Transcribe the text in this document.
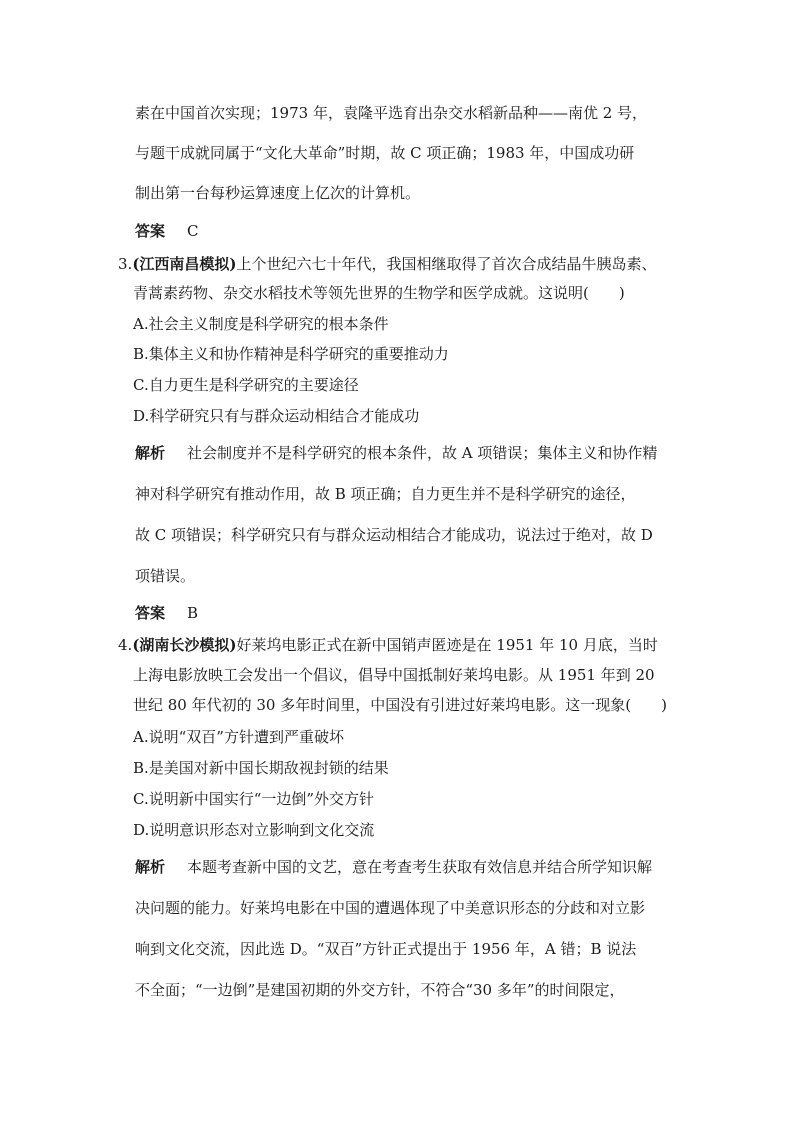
素在中国首次实现；1973 年，袁隆平选育出杂交水稻新品种——南优 2 号，
与题干成就同属于“文化大革命”时期，故 C 项正确；1983 年，中国成功研
制出第一台每秒运算速度上亿次的计算机。
答案 C
3.(江西南昌模拟)上个世纪六七十年代，我国相继取得了首次合成结晶牛胰岛素、
青蒿素药物、杂交水稻技术等领先世界的生物学和医学成就。这说明(　　)
A.社会主义制度是科学研究的根本条件
B.集体主义和协作精神是科学研究的重要推动力
C.自力更生是科学研究的主要途径
D.科学研究只有与群众运动相结合才能成功
解析 社会制度并不是科学研究的根本条件，故 A 项错误；集体主义和协作精
神对科学研究有推动作用，故 B 项正确；自力更生并不是科学研究的途径，
故 C 项错误；科学研究只有与群众运动相结合才能成功，说法过于绝对，故 D
项错误。
答案 B
4.(湖南长沙模拟)好莱坞电影正式在新中国销声匿迹是在 1951 年 10 月底，当时
上海电影放映工会发出一个倡议，倡导中国抵制好莱坞电影。从 1951 年到 20
世纪 80 年代初的 30 多年时间里，中国没有引进过好莱坞电影。这一现象(　　)
A.说明“双百”方针遭到严重破坏
B.是美国对新中国长期敌视封锁的结果
C.说明新中国实行“一边倒”外交方针
D.说明意识形态对立影响到文化交流
解析 本题考查新中国的文艺，意在考查考生获取有效信息并结合所学知识解
决问题的能力。好莱坞电影在中国的遭遇体现了中美意识形态的分歧和对立影
响到文化交流，因此选 D。“双百”方针正式提出于 1956 年，A 错；B 说法
不全面；“一边倒”是建国初期的外交方针，不符合“30 多年”的时间限定，
